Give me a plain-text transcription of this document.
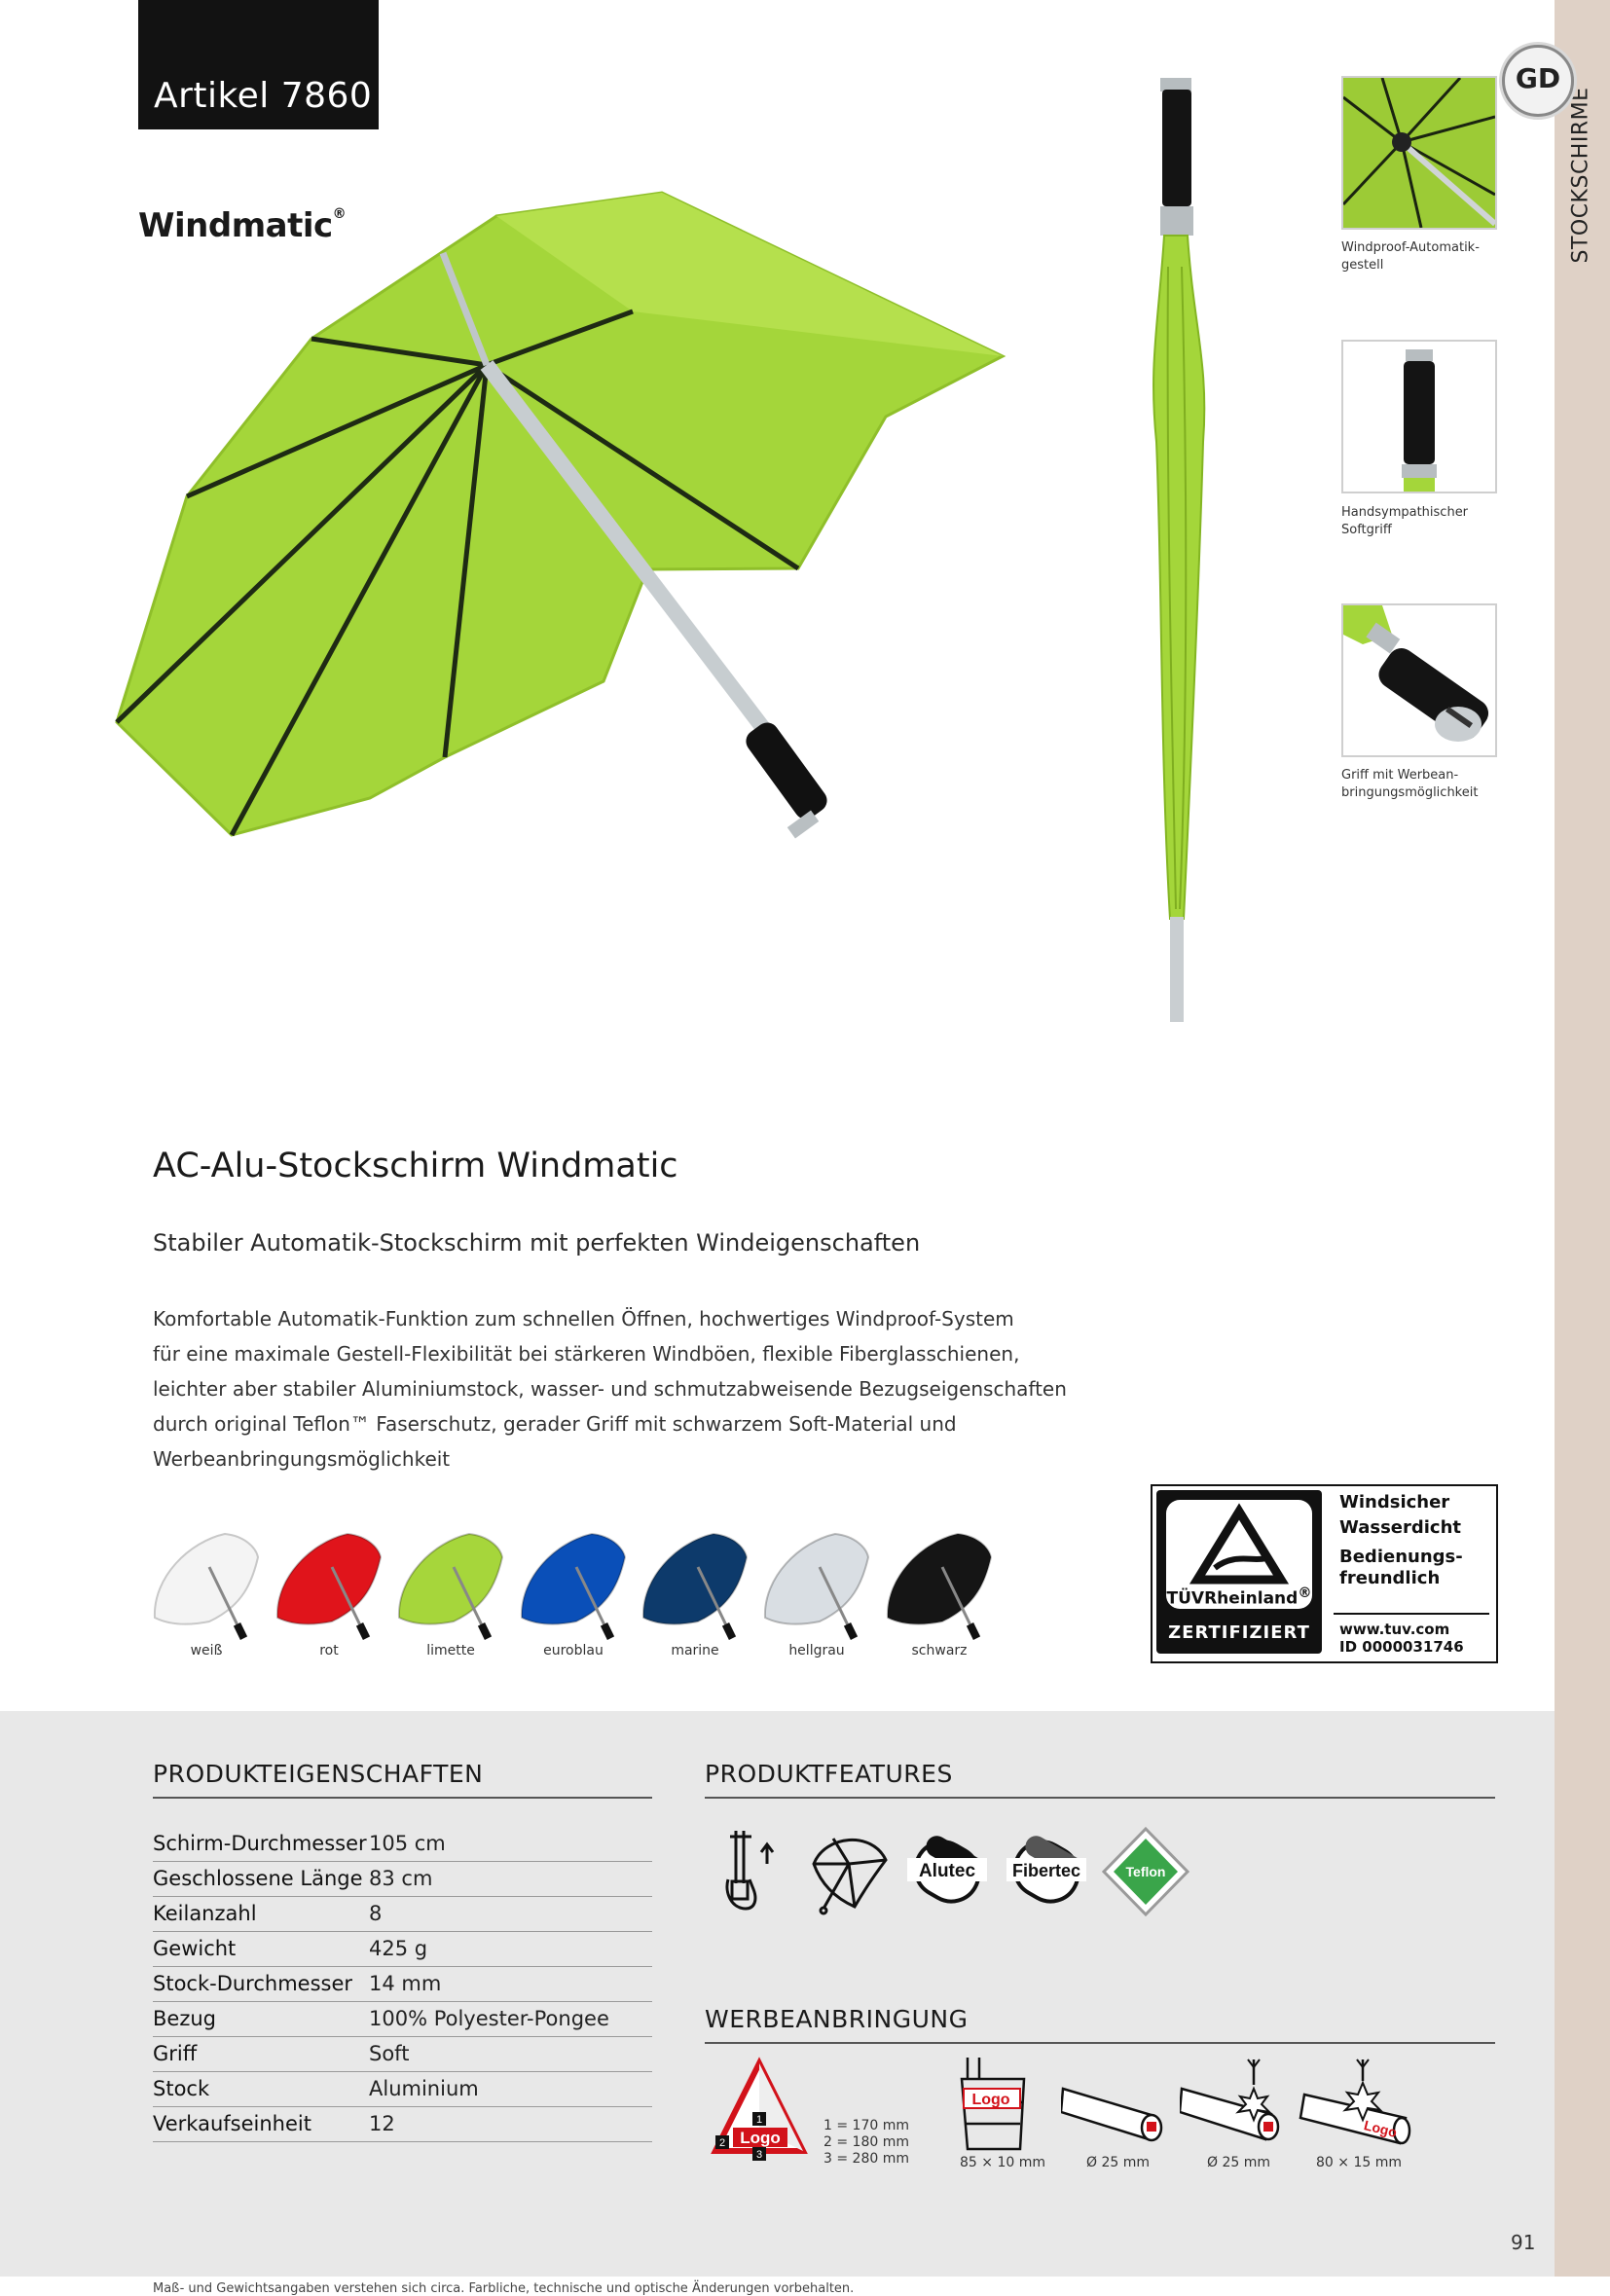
Artikel 7860
Windmatic®	STOCKSCHIRME
GD
Windproof-Automatik-
gestell
Handsympathischer
Softgriff
Griff mit Werbean-
bringungsmöglichkeit
AC-Alu-Stockschirm Windmatic
Stabiler Automatik-Stockschirm mit perfekten Windeigenschaften
Komfortable Automatik-Funktion zum schnellen Öffnen, hochwertiges Windproof-System
für eine maximale Gestell-Flexibilität bei stärkeren Windböen, flexible Fiberglasschienen,
leichter aber stabiler Aluminiumstock, wasser- und schmutzabweisende Bezugseigenschaften
durch original Teflon™ Faserschutz, gerader Griff mit schwarzem Soft-Material und
Werbeanbringungsmöglichkeit
TÜVRheinland®
ZERTIFIZIERT
Windsicher
Wasserdicht
Bedienungs-
freundlich
www.tuv.com
ID 0000031746
PRODUKTEIGENSCHAFTEN	PRODUKTFEATURES
Alutec Fibertec	Teflon
WERBEANBRINGUNG
Logo
1
2
3
1 = 170 mm
2 = 180 mm
3 = 280 mm
Logo
85 × 10 mm	Ø 25 mm	Ø 25 mm
Logo
80 × 15 mm
Maß- und Gewichtsangaben verstehen sich circa. Farbliche, technische und optische Änderungen vorbehalten.
91
weiß	rot	limette	euroblau	marine	hellgrau	schwarz
Schirm-Durchmesser 105 cm
Geschlossene Länge 83 cm
Keilanzahl	8
Gewicht	425 g
Stock-Durchmesser 14 mm
Bezug	100% Polyester-Pongee
Griff	Soft
Stock	Aluminium
Verkaufseinheit	12
